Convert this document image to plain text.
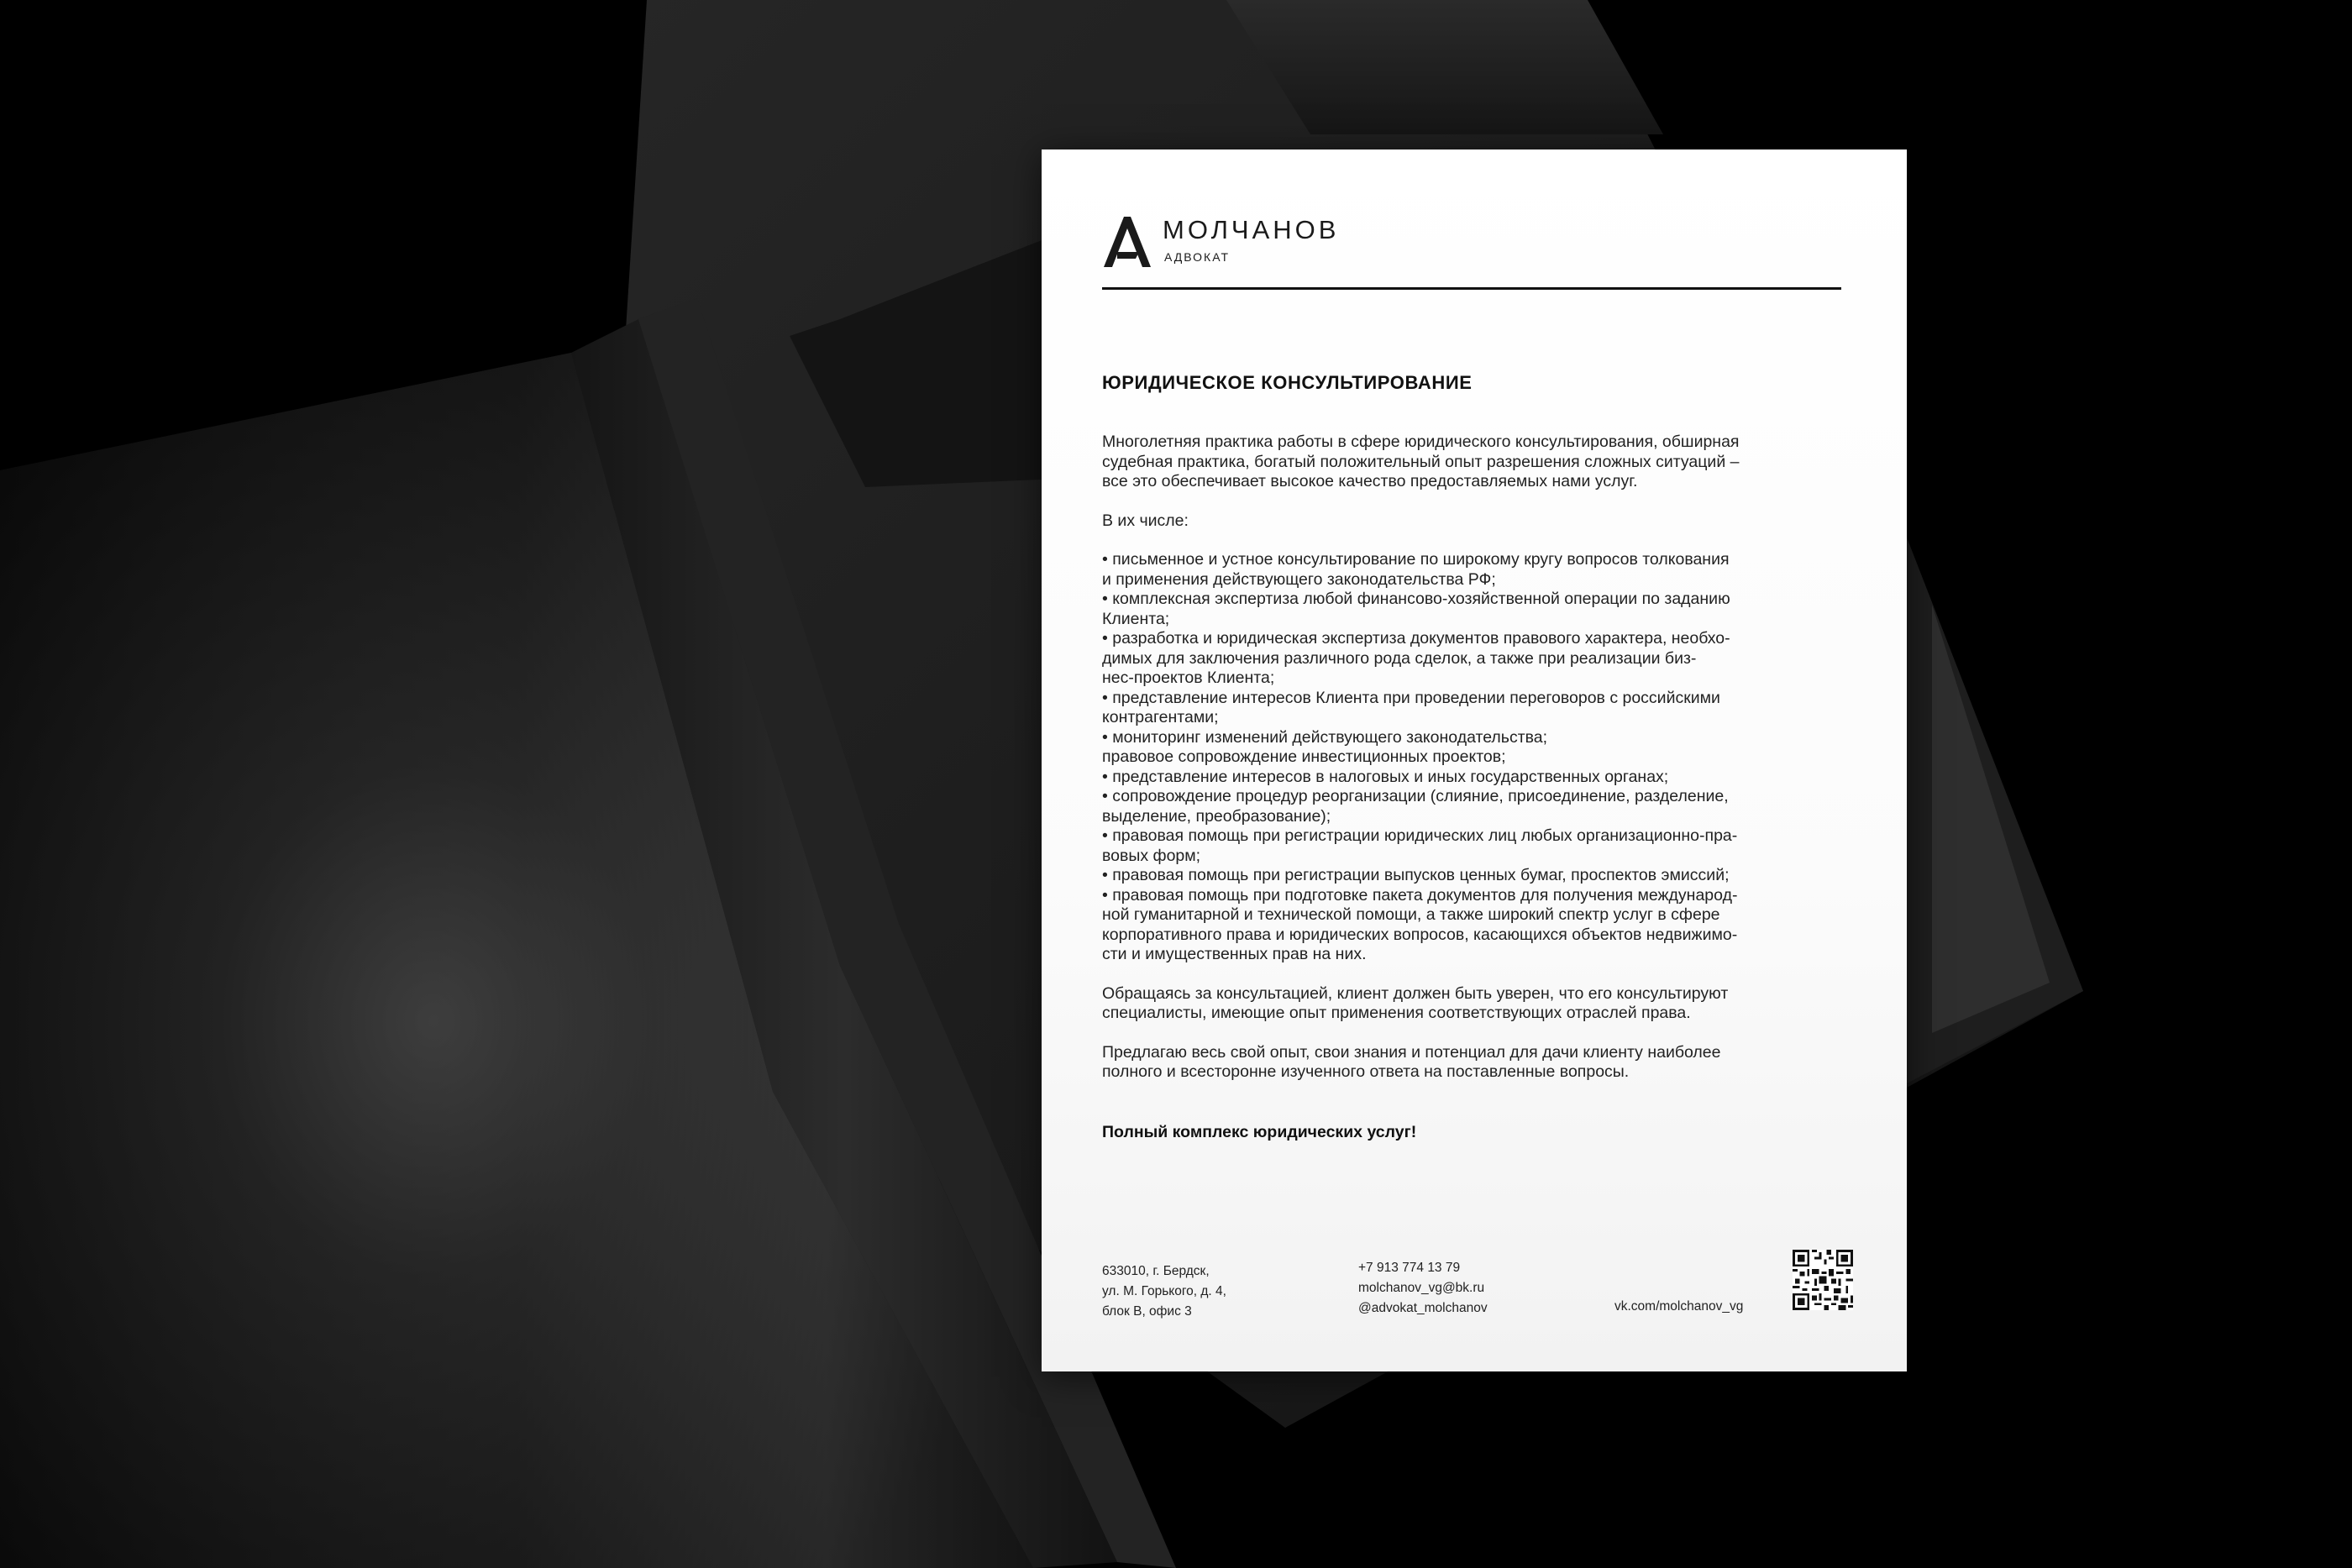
МОЛЧАНОВ
АДВОКАТ
ЮРИДИЧЕСКОЕ КОНСУЛЬТИРОВАНИЕ

Многолетняя практика работы в сфере юридического консультирования, обширная
судебная практика, богатый положительный опыт разрешения сложных ситуаций –
все это обеспечивает высокое качество предоставляемых нами услуг.

В их числе:

• письменное и устное консультирование по широкому кругу вопросов толкования
и применения действующего законодательства РФ;
• комплексная экспертиза любой финансово-хозяйственной операции по заданию
Клиента;
• разработка и юридическая экспертиза документов правового характера, необхо-
димых для заключения различного рода сделок, а также при реализации биз-
нес-проектов Клиента;
• представление интересов Клиента при проведении переговоров с российскими
контрагентами;
• мониторинг изменений действующего законодательства;
правовое сопровождение инвестиционных проектов;
• представление интересов в налоговых и иных государственных органах;
• сопровождение процедур реорганизации (слияние, присоединение, разделение,
выделение, преобразование);
• правовая помощь при регистрации юридических лиц любых организационно-пра-
вовых форм;
• правовая помощь при регистрации выпусков ценных бумаг, проспектов эмиссий;
• правовая помощь при подготовке пакета документов для получения международ-
ной гуманитарной и технической помощи, а также широкий спектр услуг в сфере
корпоративного права и юридических вопросов, касающихся объектов недвижимо-
сти и имущественных прав на них.

Обращаясь за консультацией, клиент должен быть уверен, что его консультируют
специалисты, имеющие опыт применения соответствующих отраслей права.

Предлагаю весь свой опыт, свои знания и потенциал для дачи клиенту наиболее
полного и всесторонне изученного ответа на поставленные вопросы.

Полный комплекс юридических услуг!

633010, г. Бердск,
ул. М. Горького, д. 4,
блок В, офис 3
+7 913 774 13 79
molchanov_vg@bk.ru
@advokat_molchanov	vk.com/molchanov_vg
